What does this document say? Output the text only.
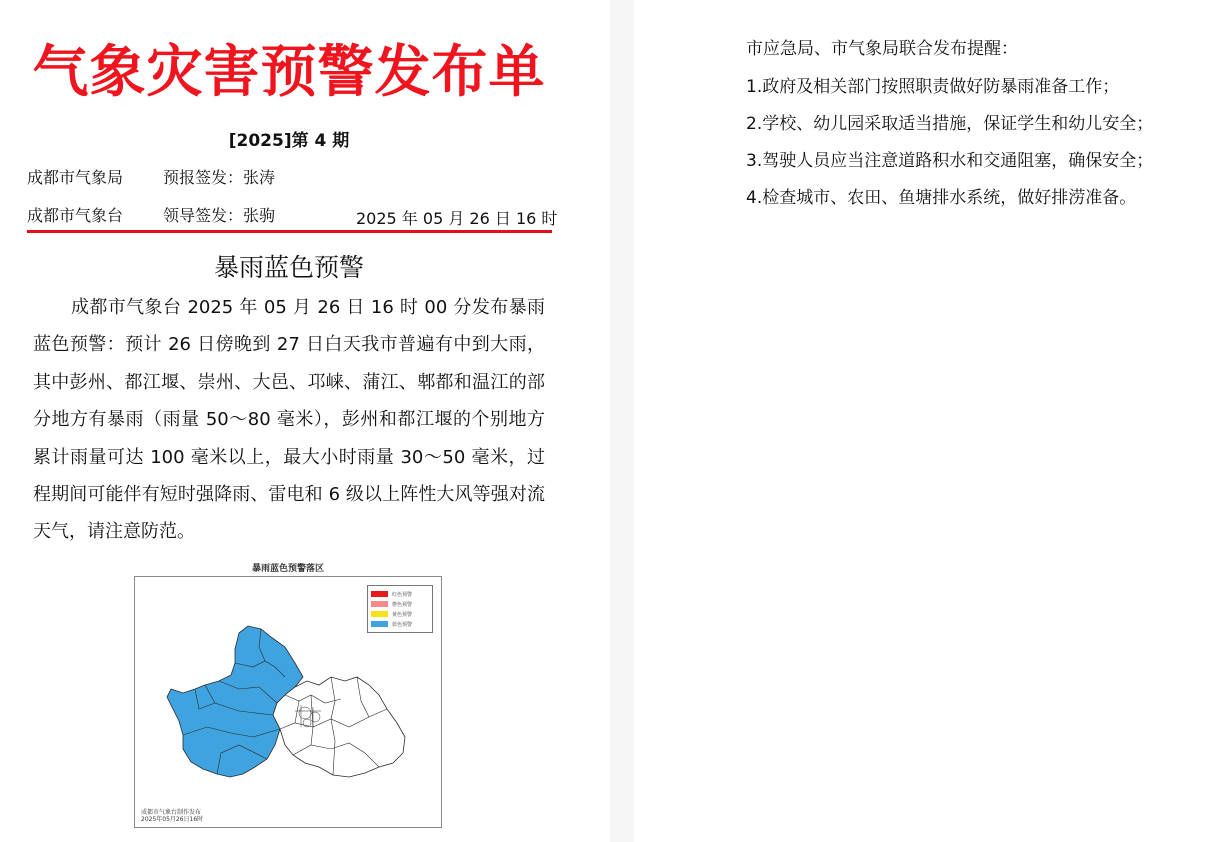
气象灾害预警发布单
[2025]第 4 期
成都市气象局 预报签发：张涛
成都市气象台 领导签发：张驹	2025 年 05 月 26 日 16 时
暴雨蓝色预警
成都市气象台 2025 年 05 月 26 日 16 时 00 分发布暴雨蓝色预警：预计 26 日傍晚到 27 日白天我市普遍有中到大雨，其中彭州、都江堰、崇州、大邑、邛崃、蒲江、郫都和温江的部分地方有暴雨（雨量 50～80 毫米），彭州和都江堰的个别地方累计雨量可达 100 毫米以上，最大小时雨量 30～50 毫米，过程期间可能伴有短时强降雨、雷电和 6 级以上阵性大风等强对流天气，请注意防范。
暴雨蓝色预警落区
红色预警
橙色预警
黄色预警
蓝色预警
成都市气象台制作发布
2025年05月26日16时
市应急局、市气象局联合发布提醒：
1.政府及相关部门按照职责做好防暴雨准备工作；
2.学校、幼儿园采取适当措施，保证学生和幼儿安全；
3.驾驶人员应当注意道路积水和交通阻塞，确保安全；
4.检查城市、农田、鱼塘排水系统，做好排涝准备。
